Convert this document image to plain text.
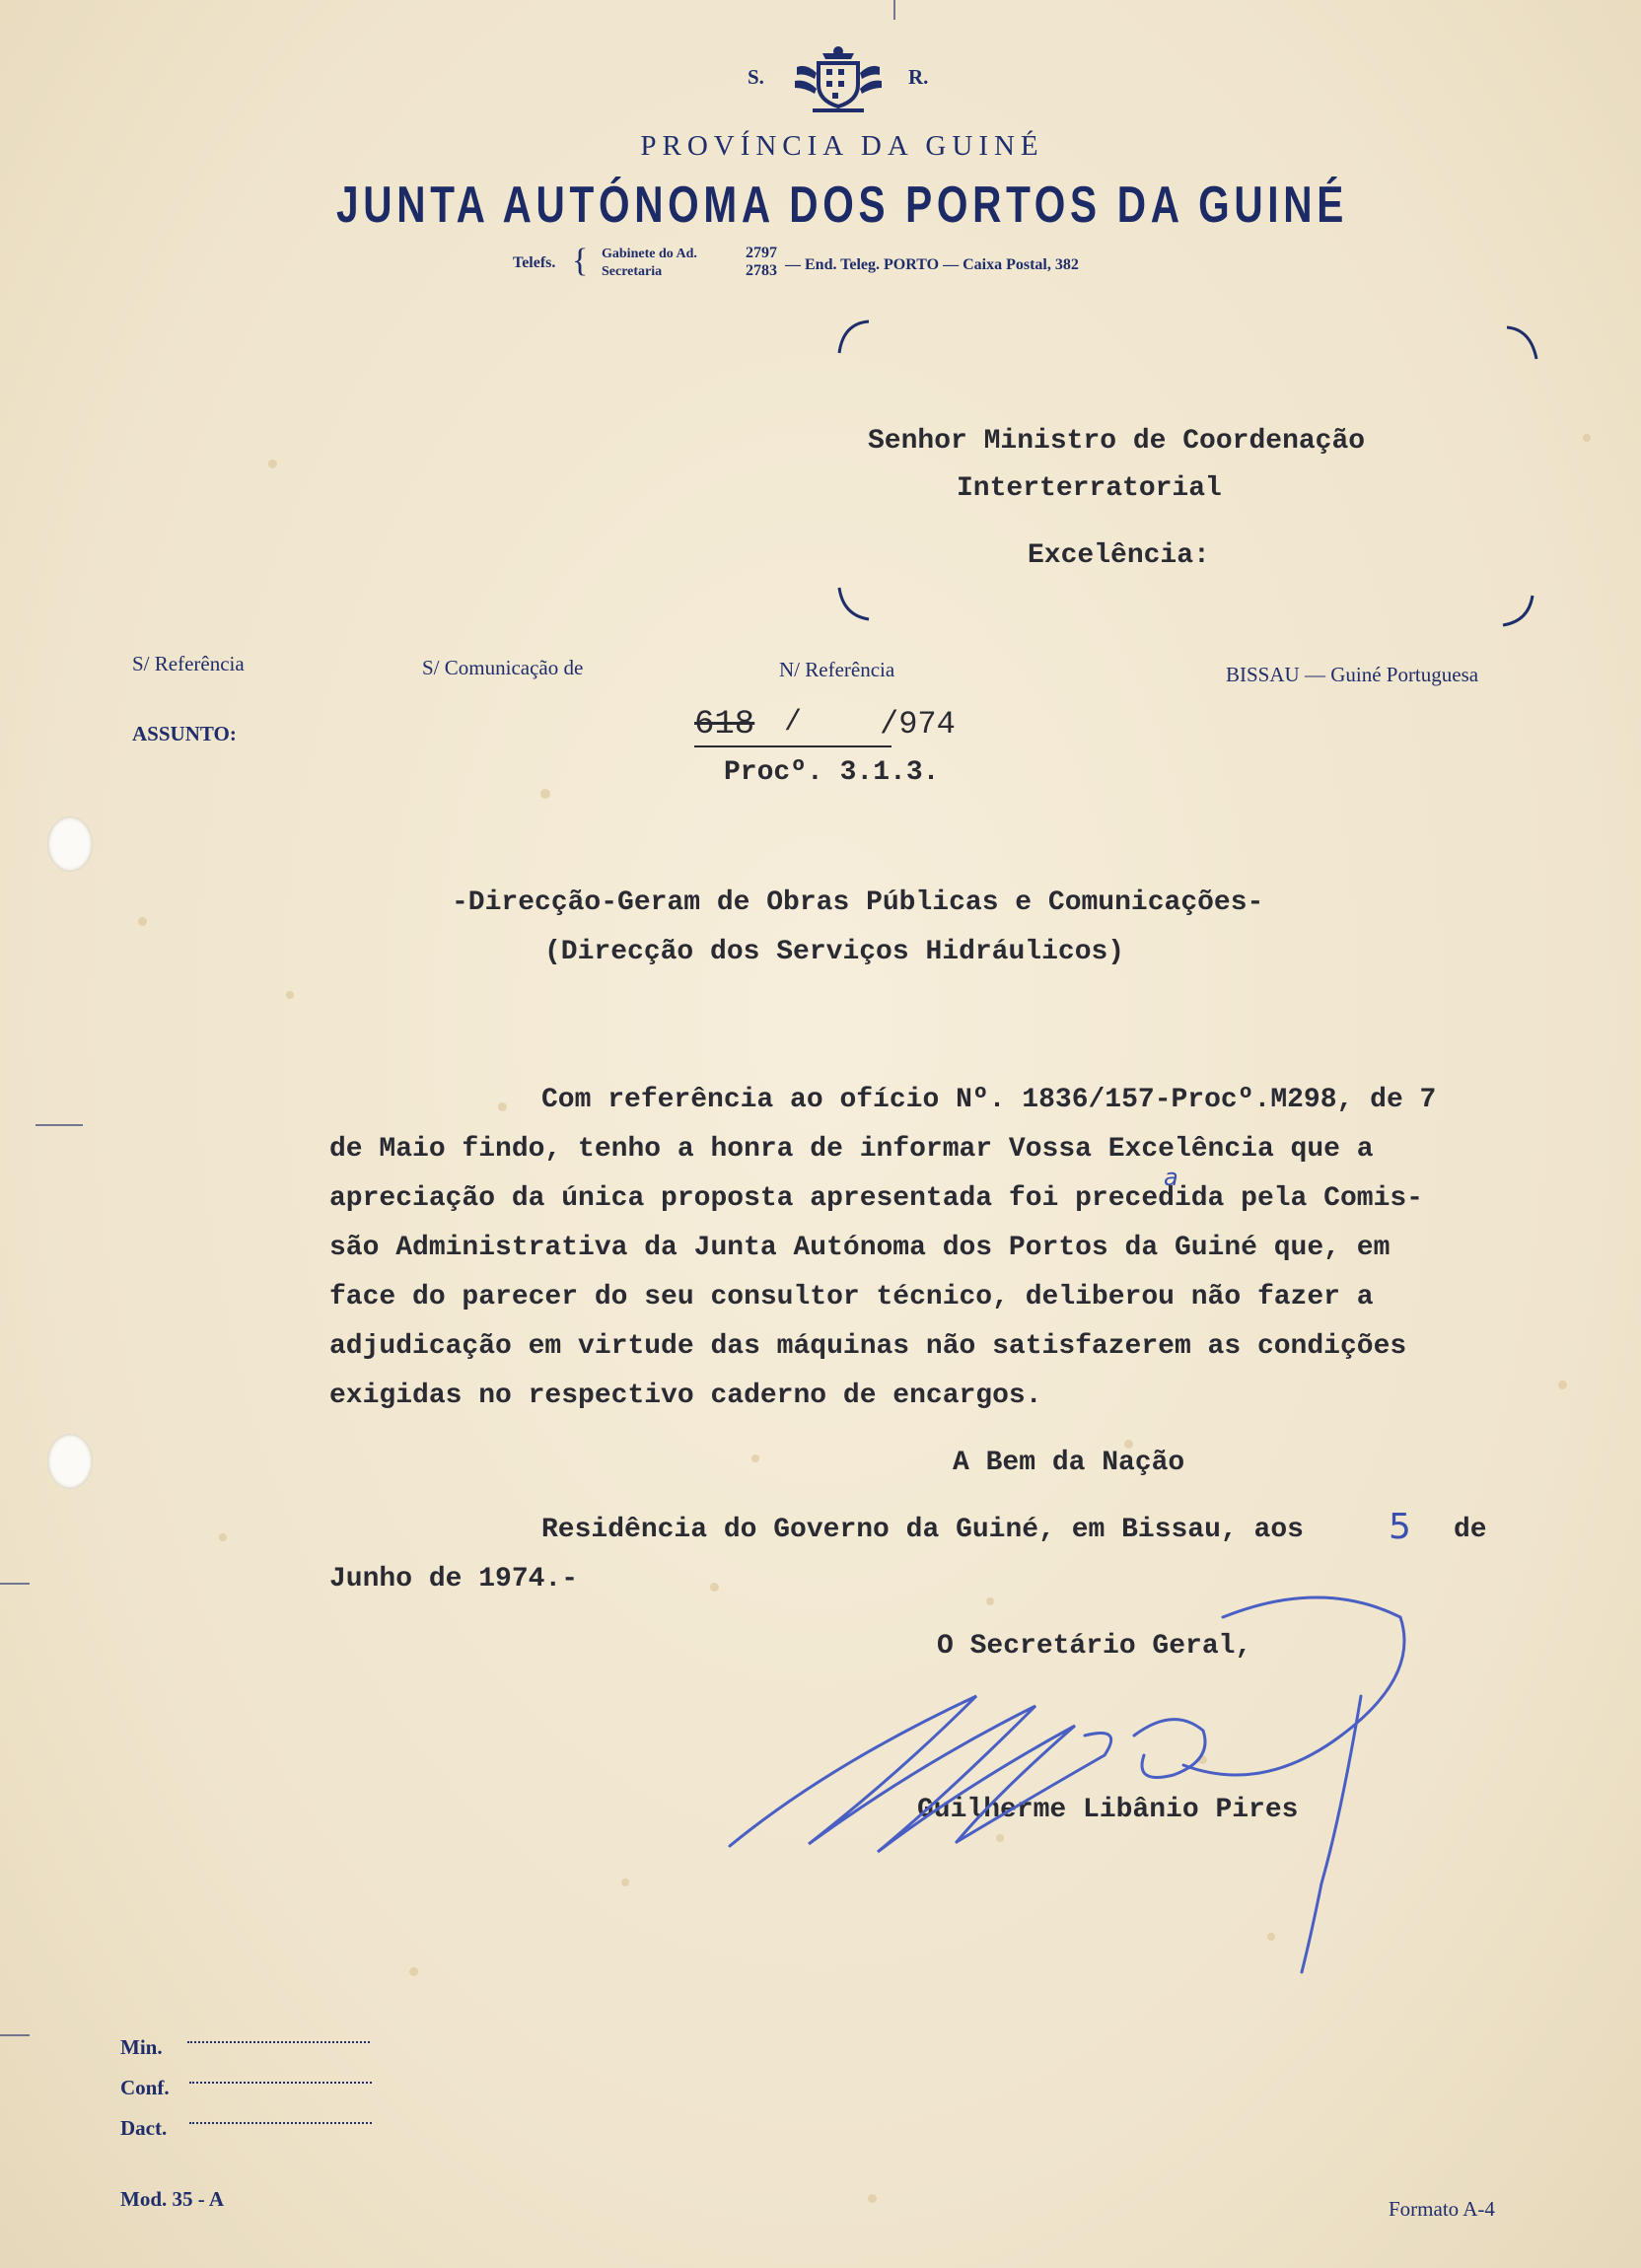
S.	R.
PROVÍNCIA DA GUINÉ
JUNTA AUTÓNOMA DOS PORTOS DA GUINÉ
Telefs. { Gabinete do Ad.
Secretaria
2797
2783 — End. Teleg. PORTO — Caixa Postal, 382
Senhor Ministro de Coordenação
Interterratorial
Excelência:
S/ Referência	S/ Comunicação de	N/ Referência	BISSAU — Guiné Portuguesa
ASSUNTO:	618 / /974
Procº. 3.1.3.
-Direcção-Geram de Obras Públicas e Comunicações-
(Direcção dos Serviços Hidráulicos)
Com referência ao ofício Nº. 1836/157-Procº.M298, de 7
de Maio findo, tenho a honra de informar Vossa Excelência que a
apreciação da única proposta apresentada foi precedida pela Comis-
a
são Administrativa da Junta Autónoma dos Portos da Guiné que, em
face do parecer do seu consultor técnico, deliberou não fazer a
adjudicação em virtude das máquinas não satisfazerem as condições
exigidas no respectivo caderno de encargos.
A Bem da Nação
Residência do Governo da Guiné, em Bissau, aos 5 de
Junho de 1974.-
O Secretário Geral,
Guilherme Libânio Pires
Min.
Conf.
Dact.
Mod. 35 - A	Formato A-4
